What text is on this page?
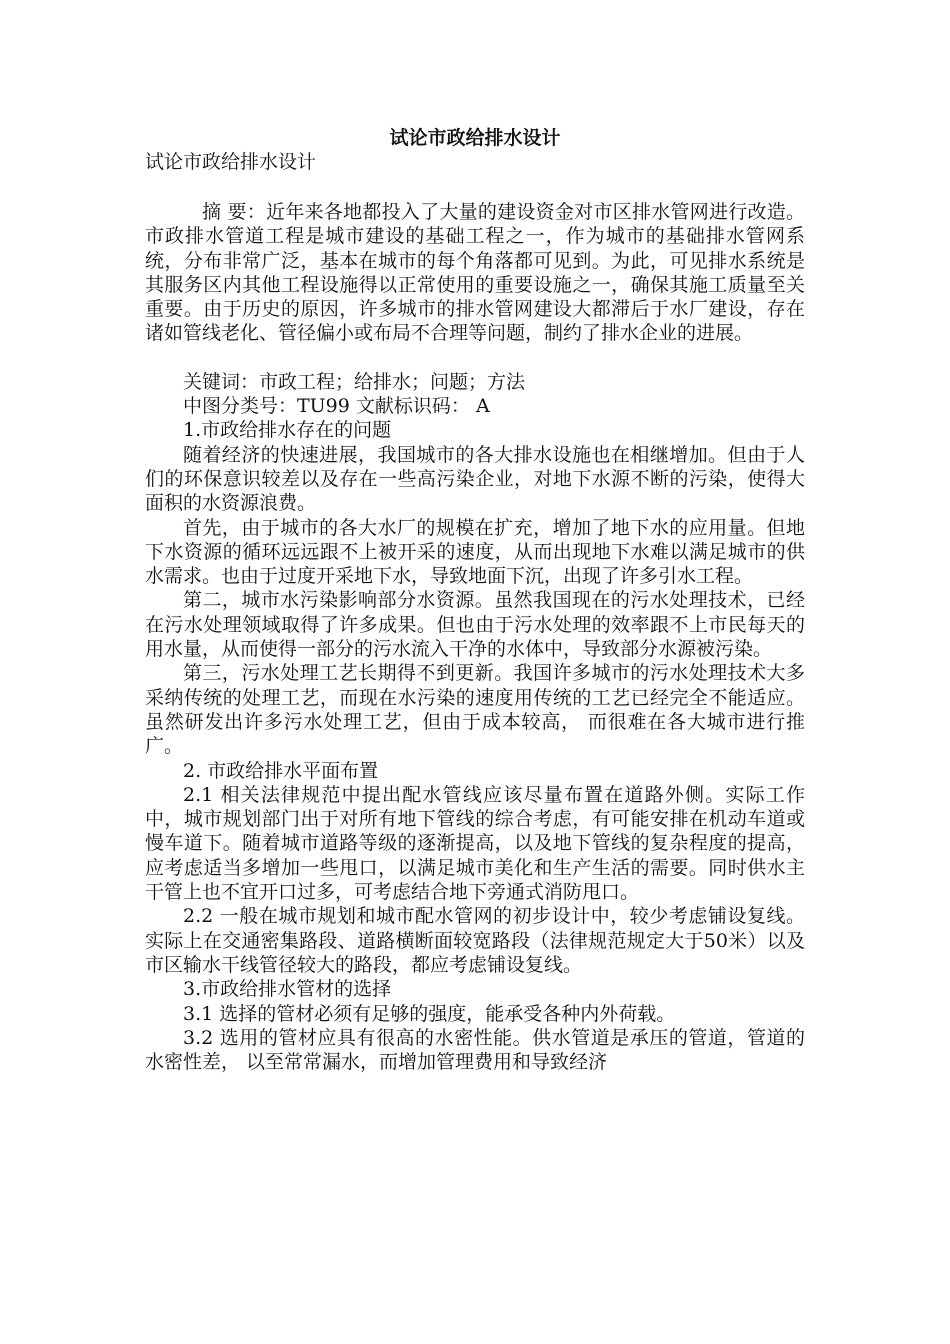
试论市政给排水设计

试论市政给排水设计

摘 要：近年来各地都投入了大量的建设资金对市区排水管网进行改造。市政排水管道工程是城市建设的基础工程之一，作为城市的基础排水管网系统，分布非常广泛，基本在城市的每个角落都可见到。为此，可见排水系统是其服务区内其他工程设施得以正常使用的重要设施之一，确保其施工质量至关重要。由于历史的原因，许多城市的排水管网建设大都滞后于水厂建设，存在诸如管线老化、管径偏小或布局不合理等问题，制约了排水企业的进展。

关键词：市政工程；给排水；问题；方法

中图分类号：TU99 文献标识码： A

1.市政给排水存在的问题

随着经济的快速进展，我国城市的各大排水设施也在相继增加。但由于人们的环保意识较差以及存在一些高污染企业，对地下水源不断的污染，使得大面积的水资源浪费。

首先，由于城市的各大水厂的规模在扩充，增加了地下水的应用量。但地下水资源的循环远远跟不上被开采的速度，从而出现地下水难以满足城市的供水需求。也由于过度开采地下水，导致地面下沉，出现了许多引水工程。

第二，城市水污染影响部分水资源。虽然我国现在的污水处理技术，已经在污水处理领域取得了许多成果。但也由于污水处理的效率跟不上市民每天的用水量，从而使得一部分的污水流入干净的水体中，导致部分水源被污染。

第三，污水处理工艺长期得不到更新。我国许多城市的污水处理技术大多采纳传统的处理工艺，而现在水污染的速度用传统的工艺已经完全不能适应。虽然研发出许多污水处理工艺，但由于成本较高， 而很难在各大城市进行推广。

2. 市政给排水平面布置

2.1 相关法律规范中提出配水管线应该尽量布置在道路外侧。实际工作中，城市规划部门出于对所有地下管线的综合考虑，有可能安排在机动车道或慢车道下。随着城市道路等级的逐渐提高，以及地下管线的复杂程度的提高， 应考虑适当多增加一些甩口，以满足城市美化和生产生活的需要。同时供水主干管上也不宜开口过多，可考虑结合地下旁通式消防甩口。

2.2 一般在城市规划和城市配水管网的初步设计中，较少考虑铺设复线。实际上在交通密集路段、道路横断面较宽路段（法律规范规定大于50米）以及市区输水干线管径较大的路段，都应考虑铺设复线。

3.市政给排水管材的选择

3.1 选择的管材必须有足够的强度，能承受各种内外荷载。

3.2 选用的管材应具有很高的水密性能。供水管道是承压的管道，管道的水密性差， 以至常常漏水，而增加管理费用和导致经济
